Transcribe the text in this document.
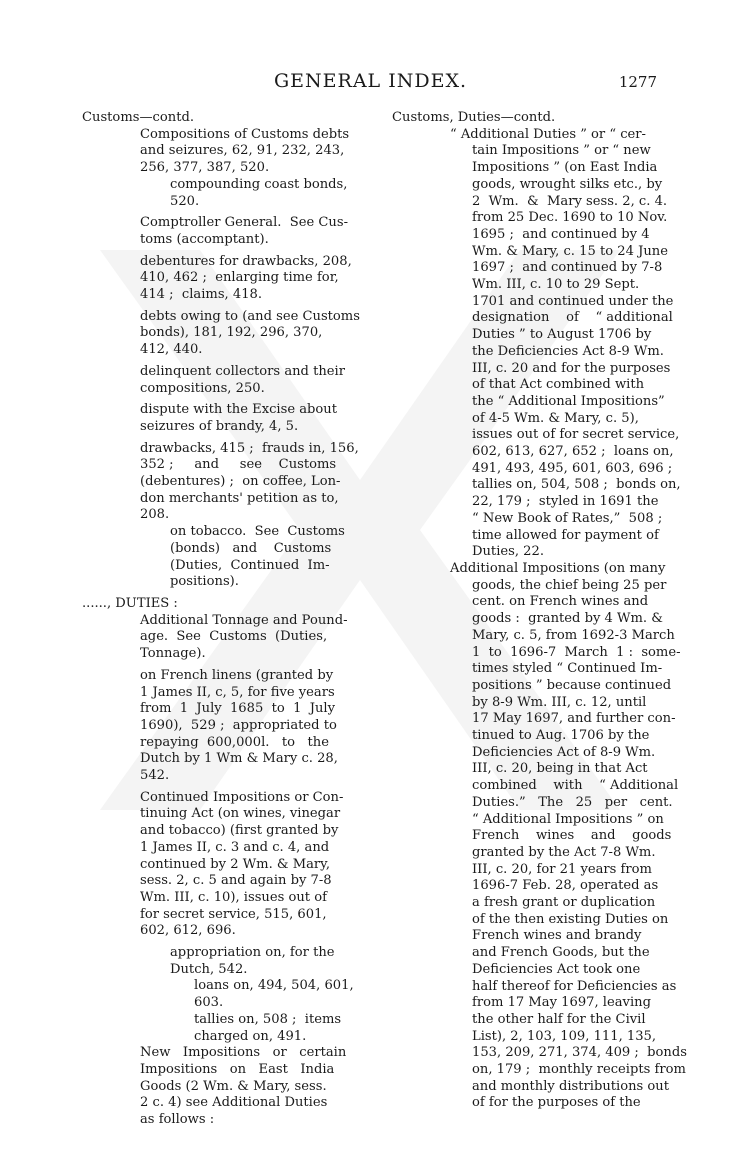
GENERAL INDEX.	1277
Customs—contd.
Compositions of Customs debts
and seizures, 62, 91, 232, 243,
256, 377, 387, 520.
compounding coast bonds,
520.
Comptroller General.  See Cus-
toms (accomptant).
debentures for drawbacks, 208,
410, 462 ;  enlarging time for,
414 ;  claims, 418.
debts owing to (and see Customs
bonds), 181, 192, 296, 370,
412, 440.
delinquent collectors and their
compositions, 250.
dispute with the Excise about
seizures of brandy, 4, 5.
drawbacks, 415 ;  frauds in, 156,
352 ;     and     see    Customs
(debentures) ;  on coffee, Lon-
don merchants' petition as to,
208.
on tobacco.  See  Customs
(bonds)   and    Customs
(Duties,  Continued  Im-
positions).
......, DUTIES :
Additional Tonnage and Pound-
age.  See  Customs  (Duties,
Tonnage).
on French linens (granted by
1 James II, c, 5, for five years
from  1  July  1685  to  1  July
1690),  529 ;  appropriated to
repaying  600,000l.   to   the
Dutch by 1 Wm & Mary c. 28,
542.
Continued Impositions or Con-
tinuing Act (on wines, vinegar
and tobacco) (first granted by
1 James II, c. 3 and c. 4, and
continued by 2 Wm. & Mary,
sess. 2, c. 5 and again by 7-8
Wm. III, c. 10), issues out of
for secret service, 515, 601,
602, 612, 696.
appropriation on, for the
Dutch, 542.
loans on, 494, 504, 601,
603.
tallies on, 508 ;  items
charged on, 491.
New   Impositions   or   certain
Impositions   on   East   India
Goods (2 Wm. & Mary, sess.
2 c. 4) see Additional Duties
as follows :
Customs, Duties—contd.
“ Additional Duties ” or “ cer-
tain Impositions ” or “ new
Impositions ” (on East India
goods, wrought silks etc., by
2  Wm.  &  Mary sess. 2, c. 4.
from 25 Dec. 1690 to 10 Nov.
1695 ;  and continued by 4
Wm. & Mary, c. 15 to 24 June
1697 ;  and continued by 7-8
Wm. III, c. 10 to 29 Sept.
1701 and continued under the
designation    of    “ additional
Duties ” to August 1706 by
the Deficiencies Act 8-9 Wm.
III, c. 20 and for the purposes
of that Act combined with
the “ Additional Impositions”
of 4-5 Wm. & Mary, c. 5),
issues out of for secret service,
602, 613, 627, 652 ;  loans on,
491, 493, 495, 601, 603, 696 ;
tallies on, 504, 508 ;  bonds on,
22, 179 ;  styled in 1691 the
“ New Book of Rates,”  508 ;
time allowed for payment of
Duties, 22.
Additional Impositions (on many
goods, the chief being 25 per
cent. on French wines and
goods :  granted by 4 Wm. &
Mary, c. 5, from 1692-3 March
1  to  1696-7  March  1 :  some-
times styled “ Continued Im-
positions ” because continued
by 8-9 Wm. III, c. 12, until
17 May 1697, and further con-
tinued to Aug. 1706 by the
Deficiencies Act of 8-9 Wm.
III, c. 20, being in that Act
combined    with    “ Additional
Duties.”   The   25   per   cent.
“ Additional Impositions ” on
French    wines    and    goods
granted by the Act 7-8 Wm.
III, c. 20, for 21 years from
1696-7 Feb. 28, operated as
a fresh grant or duplication
of the then existing Duties on
French wines and brandy
and French Goods, but the
Deficiencies Act took one
half thereof for Deficiencies as
from 17 May 1697, leaving
the other half for the Civil
List), 2, 103, 109, 111, 135,
153, 209, 271, 374, 409 ;  bonds
on, 179 ;  monthly receipts from
and monthly distributions out
of for the purposes of the
